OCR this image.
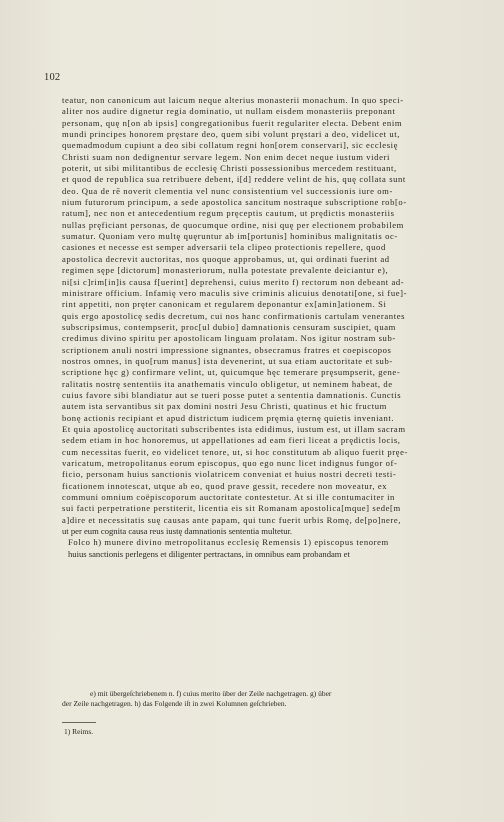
102
teatur, non canonicum aut laicum neque alterius monasterii monachum. In quo speci-
aliter nos audire dignetur regia dominatio, ut nullam eisdem monasteriis preponant
personam, quę n[on ab ipsis] congregationibus fuerit regulariter electa. Debent enim
mundi principes honorem pręstare deo, quem sibi volunt pręstari a deo, videlicet ut,
quemadmodum cupiunt a deo sibi collatum regni hon[orem conservari], sic ecclesię
Christi suam non dedignentur servare legem. Non enim decet neque iustum videri
poterit, ut sibi militantibus de ecclesię Christi possessionibus mercedem restituant,
et quod de republica sua retribuere debent, i[d] reddere velint de his, quę collata sunt
deo. Qua de rē noverit clementia vel nunc consistentium vel successionis iure om-
nium futurorum principum, a sede apostolica sancitum nostraque subscriptione rob[o-
ratum], nec non et antecedentium regum pręceptis cautum, ut prędictis monasteriis
nullas pręficiant personas, de quocumque ordine, nisi quę per electionem probabilem
sumatur. Quoniam vero multę quęruntur ab im[portunis] hominibus malignitatis oc-
casiones et necesse est semper adversarii tela clipeo protectionis repellere, quod
apostolica decrevit auctoritas, nos quoque approbamus, ut, qui ordinati fuerint ad
regimen sępe [dictorum] monasteriorum, nulla potestate prevalente deiciantur e),
ni[si c]rim[in]is causa f[uerint] deprehensi, cuius merito f) rectorum non debeant ad-
ministrare officium. Infamię vero maculis sive criminis alicuius denotati[one, si fue]-
rint appetiti, non pręter canonicam et regularem deponantur ex[amin]ationem. Si
quis ergo apostolicę sedis decretum, cui nos hanc confirmationis cartulam venerantes
subscripsimus, contempserit, proc[ul dubio] damnationis censuram suscipiet, quam
credimus divino spiritu per apostolicam linguam prolatam. Nos igitur nostram sub-
scriptionem anuli nostri impressione signantes, obsecramus fratres et coepiscopos
nostros omnes, in quo[rum manus] ista devenerint, ut sua etiam auctoritate et sub-
scriptione hęc g) confirmare velint, ut, quicumque hęc temerare pręsumpserit, gene-
ralitatis nostrę sententiis ita anathematis vinculo obligetur, ut neminem habeat, de
cuius favore sibi blandiatur aut se tueri posse putet a sententia damnationis. Cunctis
autem ista servantibus sit pax domini nostri Jesu Christi, quatinus et hic fructum
bonę actionis recipiant et apud districtum iudicem pręmia ęternę quietis inveniant.
Et quia apostolicę auctoritati subscribentes ista edidimus, iustum est, ut illam sacram
sedem etiam in hoc honoremus, ut appellationes ad eam fieri liceat a prędictis locis,
cum necessitas fuerit, eo videlicet tenore, ut, si hoc constitutum ab aliquo fuerit pręe-
varicatum, metropolitanus eorum episcopus, quo ego nunc licet indignus fungor of-
ficio, personam huius sanctionis violatricem conveniat et huius nostri decreti testi-
ficationem innotescat, utque ab eo, quod prave gessit, recedere non moveatur, ex
communi omnium coëpiscoporum auctoritate contestetur. At si ille contumaciter in
sui facti perpetratione perstiterit, licentia eis sit Romanam apostolica[mque] sede[m
a]dire et necessitatis suę causas ante papam, qui tunc fuerit urbis Romę, de[po]nere,
ut per eum cognita causa reus iustę damnationis sententia multetur.
Folco h) munere divino metropolitanus ecclesię Remensis 1) episcopus tenorem
huius sanctionis perlegens et diligenter pertractans, in omnibus eam probandam et
e) mit übergeſchriebenem n. f) cuius merito über der Zeile nachgetragen. g) über
der Zeile nachgetragen. h) das Folgende iſt in zwei Kolumnen geſchrieben.
1) Reims.
